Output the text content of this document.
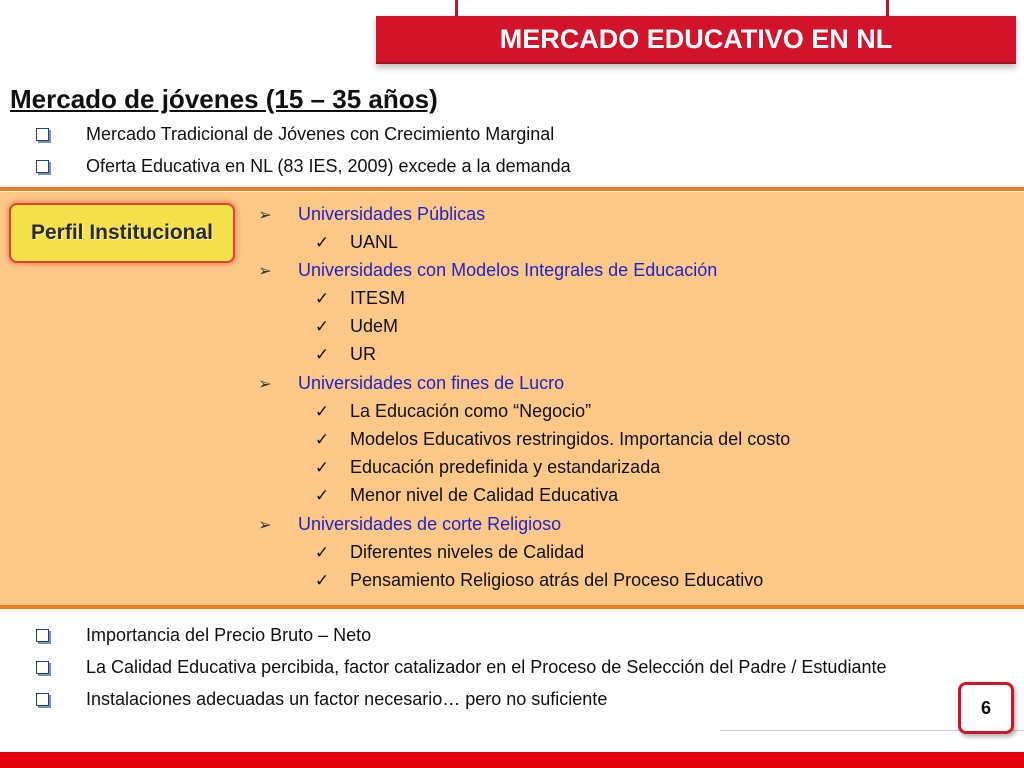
MERCADO EDUCATIVO EN NL
Mercado de jóvenes (15 – 35 años)
Mercado Tradicional de Jóvenes con Crecimiento Marginal
Oferta Educativa en NL (83 IES, 2009) excede a la demanda
Perfil Institucional
➢ Universidades Públicas
✓ UANL
➢ Universidades con Modelos Integrales de Educación
✓ ITESM
✓ UdeM
✓ UR
➢ Universidades con fines de Lucro
✓ La Educación como “Negocio”
✓ Modelos Educativos restringidos. Importancia del costo
✓ Educación predefinida y estandarizada
✓ Menor nivel de Calidad Educativa
➢ Universidades de corte Religioso
✓ Diferentes niveles de Calidad
✓ Pensamiento Religioso atrás del Proceso Educativo
Importancia del Precio Bruto – Neto
La Calidad Educativa percibida, factor catalizador en el Proceso de Selección del Padre / Estudiante
Instalaciones adecuadas un factor necesario… pero no suficiente	6
